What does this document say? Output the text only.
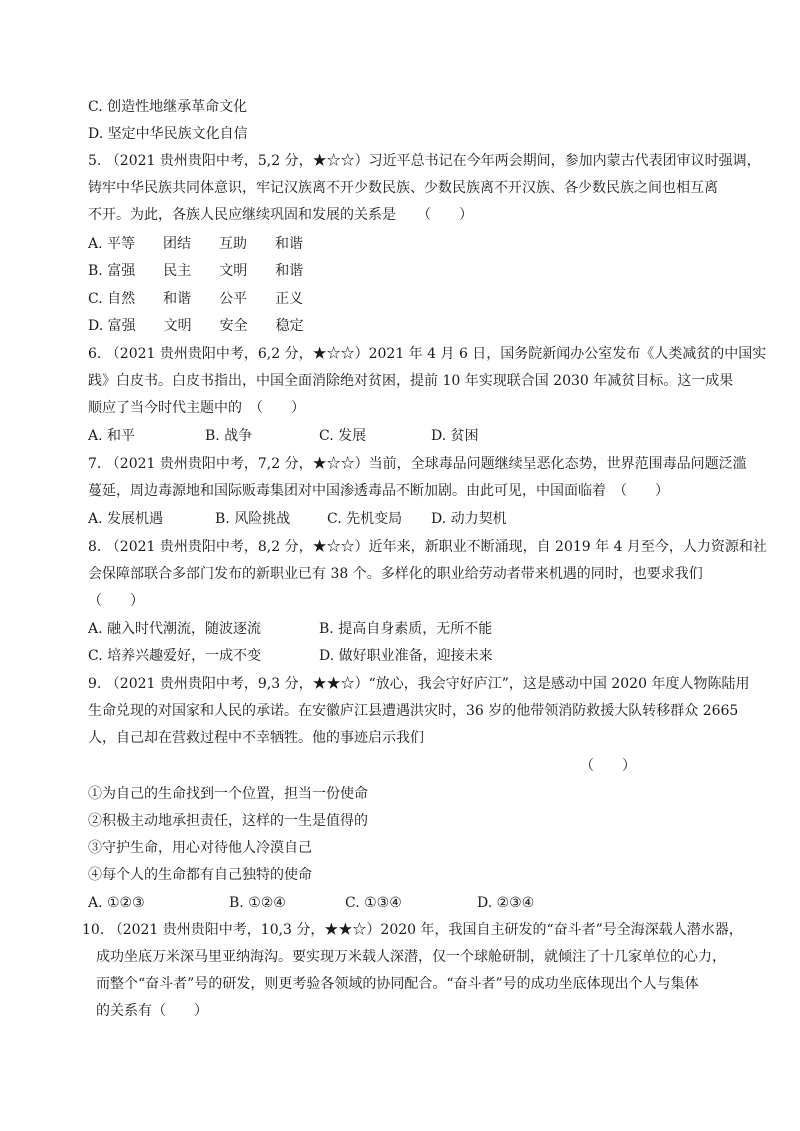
C. 创造性地继承革命文化
D. 坚定中华民族文化自信
5. （2021 贵州贵阳中考，5,2 分，★☆☆）习近平总书记在今年两会期间，参加内蒙古代表团审议时强调，
铸牢中华民族共同体意识，牢记汉族离不开少数民族、少数民族离不开汉族、各少数民族之间也相互离
不开。为此，各族人民应继续巩固和发展的关系是　　（　　）
A. 平等　　团结　　互助　　和谐
B. 富强　　民主　　文明　　和谐
C. 自然　　和谐　　公平　　正义
D. 富强　　文明　　安全　　稳定
6. （2021 贵州贵阳中考，6,2 分，★☆☆）2021 年 4 月 6 日，国务院新闻办公室发布《人类减贫的中国实
践》白皮书。白皮书指出，中国全面消除绝对贫困，提前 10 年实现联合国 2030 年减贫目标。这一成果
顺应了当今时代主题中的　（　　）
A. 和平	B. 战争	C. 发展	D. 贫困
7. （2021 贵州贵阳中考，7,2 分，★☆☆）当前，全球毒品问题继续呈恶化态势，世界范围毒品问题泛滥
蔓延，周边毒源地和国际贩毒集团对中国渗透毒品不断加剧。由此可见，中国面临着　（　　）
A. 发展机遇	B. 风险挑战	C. 先机变局 D. 动力契机
8. （2021 贵州贵阳中考，8,2 分，★☆☆）近年来，新职业不断涌现，自 2019 年 4 月至今，人力资源和社
会保障部联合多部门发布的新职业已有 38 个。多样化的职业给劳动者带来机遇的同时，也要求我们
（　　）
A. 融入时代潮流，随波逐流	B. 提高自身素质，无所不能
C. 培养兴趣爱好，一成不变	D. 做好职业准备，迎接未来
9. （2021 贵州贵阳中考，9,3 分，★★☆）“放心，我会守好庐江”，这是感动中国 2020 年度人物陈陆用
生命兑现的对国家和人民的承诺。在安徽庐江县遭遇洪灾时，36 岁的他带领消防救援大队转移群众 2665
人，自己却在营救过程中不幸牺牲。他的事迹启示我们
（　　）
①为自己的生命找到一个位置，担当一份使命
②积极主动地承担责任，这样的一生是值得的
③守护生命，用心对待他人冷漠自己
④每个人的生命都有自己独特的使命
A. ①②③	B. ①②④	C. ①③④	D. ②③④
10. （2021 贵州贵阳中考，10,3 分，★★☆）2020 年，我国自主研发的“奋斗者”号全海深载人潜水器，
成功坐底万米深马里亚纳海沟。要实现万米载人深潜，仅一个球舱研制，就倾注了十几家单位的心力，
而整个“奋斗者”号的研发，则更考验各领域的协同配合。“奋斗者”号的成功坐底体现出个人与集体
的关系有（　　）
